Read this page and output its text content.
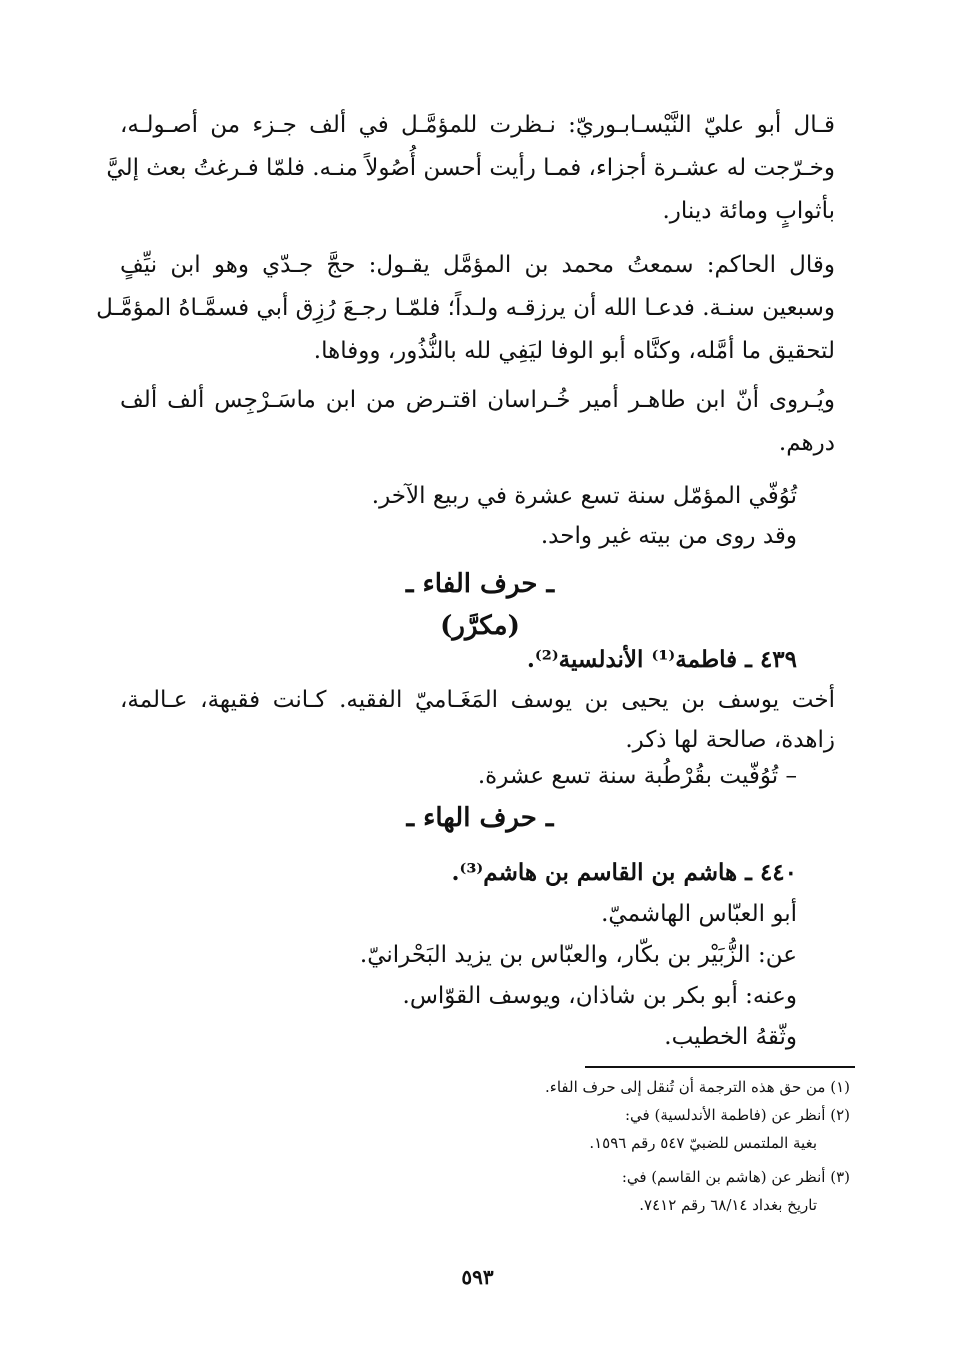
قـال أبو عليّ النَّيْسـابـوريّ: نـظرت للمؤمَّـل في ألف جـزء من أصـولـه،
وخـرّجت له عشـرة أجزاء، فمـا رأيت أحسن أُصُولاً منـه. فلمّا فـرغتُ بعث إليَّ
بأثوابٍ ومائة دينار.
وقال الحاكم: سمعتُ محمد بن المؤمَّل يقـول: حجَّ جـدّي وهو ابن نيِّفٍ
وسبعين سنـة. فدعـا الله أن يرزقـه ولـداً؛ فلمّـا رجـعَ رُزِق أبي فسمَّـاهُ المؤمَّـل
لتحقيق ما أمَّله، وكنَّاه أبو الوفا ليَفِي لله بالنُّذُور، ووفاها.
ويُـروى أنّ ابن طاهـر أمير خُـراسان اقتـرض من ابن ماسَـرْجِس ألف ألف
درهم.
تُوُفّي المؤمّل سنة تسع عشرة في ربيع الآخر.
وقد روى من بيته غير واحد.
ـ حرف الفاء ـ
(مكرَّر)
٤٣٩ ـ فاطمة⁽¹⁾ الأندلسية⁽²⁾.
أخت يوسف بن يحيى بن يوسف المَغَـاميّ الفقيه. كـانت فقيهة، عـالمة،
زاهدة، صالحة لها ذكر.
– تُوُفّيت بقُرْطُبة سنة تسع عشرة.
ـ حرف الهاء ـ
٤٤٠ ـ هاشم بن القاسم بن هاشم⁽³⁾.
أبو العبّاس الهاشميّ.
عن: الزُّبَيْر بن بكّار، والعبّاس بن يزيد البَحْرانيّ.
وعنه: أبو بكر بن شاذان، ويوسف القوّاس.
وثّقهُ الخطيب.
(١) من حق هذه الترجمة أن تُنقل إلى حرف الفاء.
(٢) أنظر عن (فاطمة الأندلسية) في:
بغية الملتمس للضبيّ ٥٤٧ رقم ١٥٩٦.
(٣) أنظر عن (هاشم بن القاسم) في:
تاريخ بغداد ٦٨/١٤ رقم ٧٤١٢.
٥٩٣
